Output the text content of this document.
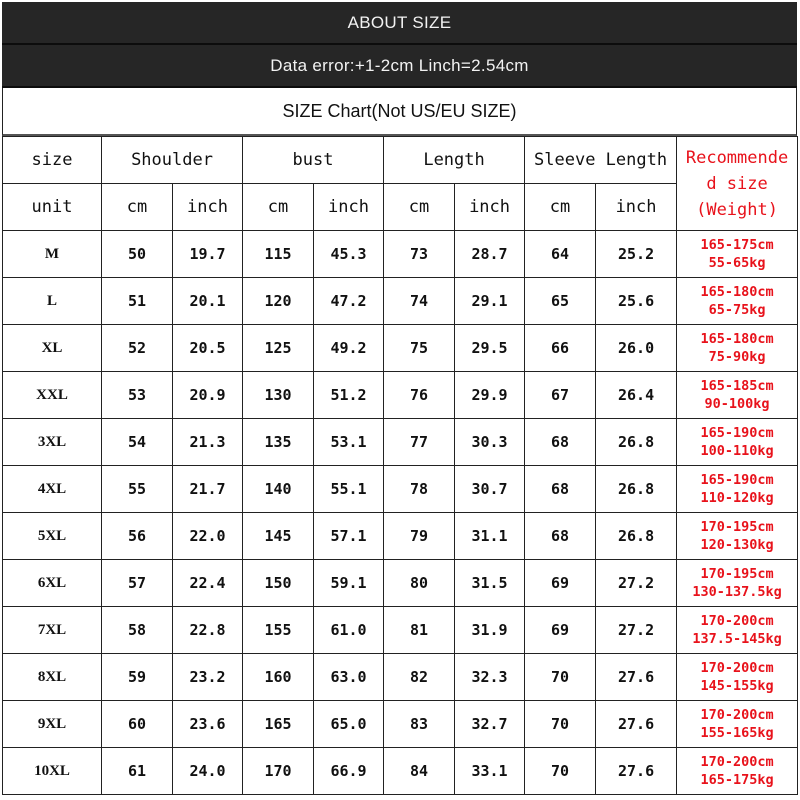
ABOUT SIZE
Data error:+1-2cm Linch=2.54cm
SIZE Chart(Not US/EU SIZE)
size	Shoulder		bust		Length		Sleeve Length		Recommende
d size
(Weight)

unit	cm	inch	cm	inch	cm	inch	cm	inch	
M	50	19.7	115	45.3	73	28.7	64	25.2	165-175cm
55-65kg

L	51	20.1	120	47.2	74	29.1	65	25.6	165-180cm
65-75kg

XL	52	20.5	125	49.2	75	29.5	66	26.0	165-180cm
75-90kg

XXL	53	20.9	130	51.2	76	29.9	67	26.4	165-185cm
90-100kg

3XL	54	21.3	135	53.1	77	30.3	68	26.8	165-190cm
100-110kg

4XL	55	21.7	140	55.1	78	30.7	68	26.8	165-190cm
110-120kg

5XL	56	22.0	145	57.1	79	31.1	68	26.8	170-195cm
120-130kg

6XL	57	22.4	150	59.1	80	31.5	69	27.2	170-195cm
130-137.5kg

7XL	58	22.8	155	61.0	81	31.9	69	27.2	170-200cm
137.5-145kg

8XL	59	23.2	160	63.0	82	32.3	70	27.6	170-200cm
145-155kg

9XL	60	23.6	165	65.0	83	32.7	70	27.6	170-200cm
155-165kg

10XL	61	24.0	170	66.9	84	33.1	70	27.6	170-200cm
165-175kg
